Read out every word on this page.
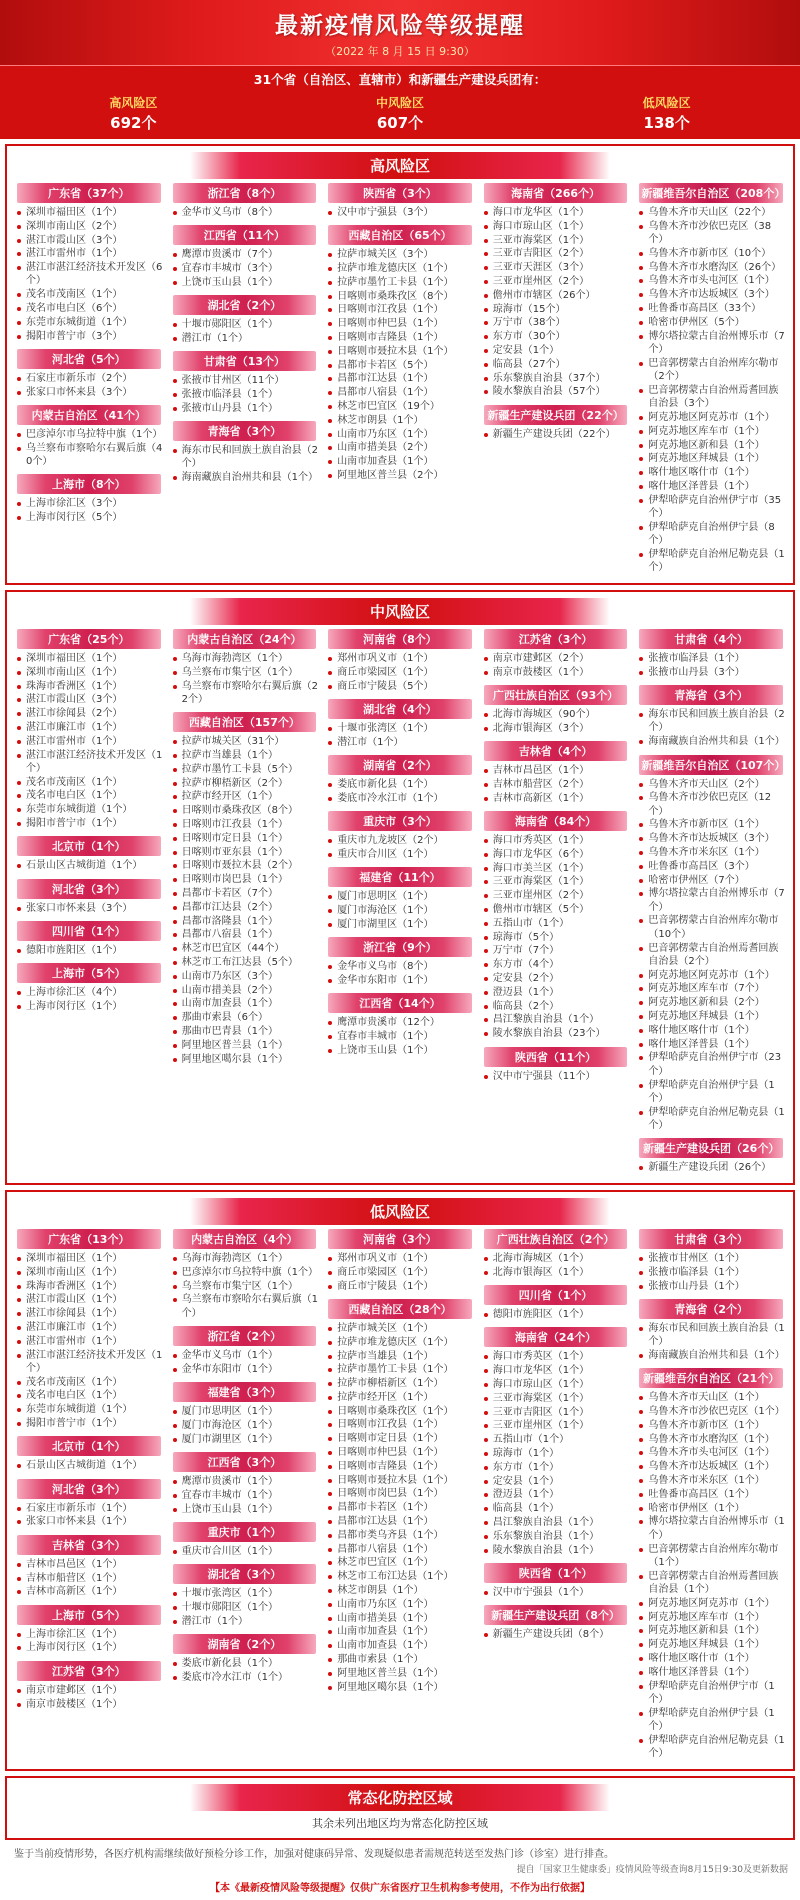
最新疫情风险等级提醒
（2022 年 8 月 15 日 9:30）
31个省（自治区、直辖市）和新疆生产建设兵团有：
高风险区
692个
中风险区
607个
低风险区
138个
高风险区
广东省（37个）
深圳市福田区（1个）
深圳市南山区（2个）
湛江市霞山区（3个）
湛江市雷州市（1个）
湛江市湛江经济技术开发区（6个）
茂名市茂南区（1个）
茂名市电白区（6个）
东莞市东城街道（1个）
揭阳市普宁市（3个）
河北省（5个）
石家庄市新乐市（2个）
张家口市怀来县（3个）
内蒙古自治区（41个）
巴彦淖尔市乌拉特中旗（1个）
乌兰察布市察哈尔右翼后旗（40个）
上海市（8个）
上海市徐汇区（3个）
上海市闵行区（5个）
浙江省（8个）
金华市义乌市（8个）
江西省（11个）
鹰潭市贵溪市（7个）
宜春市丰城市（3个）
上饶市玉山县（1个）
湖北省（2个）
十堰市郧阳区（1个）
潜江市（1个）
甘肃省（13个）
张掖市甘州区（11个）
张掖市临泽县（1个）
张掖市山丹县（1个）
青海省（3个）
海东市民和回族土族自治县（2个）
海南藏族自治州共和县（1个）
陕西省（3个）
汉中市宁强县（3个）
西藏自治区（65个）
拉萨市城关区（3个）
拉萨市堆龙德庆区（1个）
拉萨市墨竹工卡县（1个）
日喀则市桑珠孜区（8个）
日喀则市江孜县（1个）
日喀则市仲巴县（1个）
日喀则市吉隆县（1个）
日喀则市聂拉木县（1个）
昌都市卡若区（5个）
昌都市江达县（1个）
昌都市八宿县（1个）
林芝市巴宜区（19个）
林芝市朗县（1个）
山南市乃东区（1个）
山南市措美县（2个）
山南市加查县（1个）
阿里地区普兰县（2个）
海南省（266个）
海口市龙华区（1个）
海口市琼山区（1个）
三亚市海棠区（1个）
三亚市吉阳区（2个）
三亚市天涯区（3个）
三亚市崖州区（2个）
儋州市市辖区（26个）
琼海市（15个）
万宁市（38个）
东方市（30个）
定安县（1个）
临高县（27个）
乐东黎族自治县（37个）
陵水黎族自治县（57个）
新疆生产建设兵团（22个）
新疆生产建设兵团（22个）
新疆维吾尔自治区（208个）
乌鲁木齐市天山区（22个）
乌鲁木齐市沙依巴克区（38个）
乌鲁木齐市新市区（10个）
乌鲁木齐市水磨沟区（26个）
乌鲁木齐市头屯河区（1个）
乌鲁木齐市达坂城区（3个）
吐鲁番市高昌区（33个）
哈密市伊州区（5个）
博尔塔拉蒙古自治州博乐市（7个）
巴音郭楞蒙古自治州库尔勒市（2个）
巴音郭楞蒙古自治州焉耆回族自治县（3个）
阿克苏地区阿克苏市（1个）
阿克苏地区库车市（1个）
阿克苏地区新和县（1个）
阿克苏地区拜城县（1个）
喀什地区喀什市（1个）
喀什地区泽普县（1个）
伊犁哈萨克自治州伊宁市（35个）
伊犁哈萨克自治州伊宁县（8个）
伊犁哈萨克自治州尼勒克县（1个）
中风险区
广东省（25个）
深圳市福田区（1个）
深圳市南山区（1个）
珠海市香洲区（1个）
湛江市霞山区（3个）
湛江市徐闻县（2个）
湛江市廉江市（1个）
湛江市雷州市（1个）
湛江市湛江经济技术开发区（1个）
茂名市茂南区（1个）
茂名市电白区（1个）
东莞市东城街道（1个）
揭阳市普宁市（1个）
北京市（1个）
石景山区古城街道（1个）
河北省（3个）
张家口市怀来县（3个）
四川省（1个）
德阳市旌阳区（1个）
上海市（5个）
上海市徐汇区（4个）
上海市闵行区（1个）
内蒙古自治区（24个）
乌海市海勃湾区（1个）
乌兰察布市集宁区（1个）
乌兰察布市察哈尔右翼后旗（22个）
西藏自治区（157个）
拉萨市城关区（31个）
拉萨市当雄县（1个）
拉萨市墨竹工卡县（5个）
拉萨市柳梧新区（2个）
拉萨市经开区（1个）
日喀则市桑珠孜区（8个）
日喀则市江孜县（1个）
日喀则市定日县（1个）
日喀则市亚东县（1个）
日喀则市聂拉木县（2个）
日喀则市岗巴县（1个）
昌都市卡若区（7个）
昌都市江达县（2个）
昌都市洛隆县（1个）
昌都市八宿县（1个）
林芝市巴宜区（44个）
林芝市工布江达县（5个）
山南市乃东区（3个）
山南市措美县（2个）
山南市加查县（1个）
那曲市索县（6个）
那曲市巴青县（1个）
阿里地区普兰县（1个）
阿里地区噶尔县（1个）
河南省（8个）
郑州市巩义市（1个）
商丘市梁园区（1个）
商丘市宁陵县（5个）
湖北省（4个）
十堰市张湾区（1个）
潜江市（1个）
湖南省（2个）
娄底市新化县（1个）
娄底市冷水江市（1个）
重庆市（3个）
重庆市九龙坡区（2个）
重庆市合川区（1个）
福建省（11个）
厦门市思明区（1个）
厦门市海沧区（1个）
厦门市湖里区（1个）
浙江省（9个）
金华市义乌市（8个）
金华市东阳市（1个）
江西省（14个）
鹰潭市贵溪市（12个）
宜春市丰城市（1个）
上饶市玉山县（1个）
江苏省（3个）
南京市建邺区（2个）
南京市鼓楼区（1个）
广西壮族自治区（93个）
北海市海城区（90个）
北海市银海区（3个）
吉林省（4个）
吉林市昌邑区（1个）
吉林市船营区（2个）
吉林市高新区（1个）
海南省（84个）
海口市秀英区（1个）
海口市龙华区（6个）
海口市美兰区（1个）
三亚市海棠区（1个）
三亚市崖州区（2个）
儋州市市辖区（5个）
五指山市（1个）
琼海市（5个）
万宁市（7个）
东方市（4个）
定安县（2个）
澄迈县（1个）
临高县（2个）
昌江黎族自治县（1个）
陵水黎族自治县（23个）
陕西省（11个）
汉中市宁强县（11个）
甘肃省（4个）
张掖市临泽县（1个）
张掖市山丹县（3个）
青海省（3个）
海东市民和回族土族自治县（2个）
海南藏族自治州共和县（1个）
新疆维吾尔自治区（107个）
乌鲁木齐市天山区（2个）
乌鲁木齐市沙依巴克区（12个）
乌鲁木齐市新市区（1个）
乌鲁木齐市达坂城区（3个）
乌鲁木齐市米东区（1个）
吐鲁番市高昌区（3个）
哈密市伊州区（7个）
博尔塔拉蒙古自治州博乐市（7个）
巴音郭楞蒙古自治州库尔勒市（10个）
巴音郭楞蒙古自治州焉耆回族自治县（2个）
阿克苏地区阿克苏市（1个）
阿克苏地区库车市（7个）
阿克苏地区新和县（2个）
阿克苏地区拜城县（1个）
喀什地区喀什市（1个）
喀什地区泽普县（1个）
伊犁哈萨克自治州伊宁市（23个）
伊犁哈萨克自治州伊宁县（1个）
伊犁哈萨克自治州尼勒克县（1个）
新疆生产建设兵团（26个）
新疆生产建设兵团（26个）
低风险区
广东省（13个）
深圳市福田区（1个）
深圳市南山区（1个）
珠海市香洲区（1个）
湛江市霞山区（1个）
湛江市徐闻县（1个）
湛江市廉江市（1个）
湛江市雷州市（1个）
湛江市湛江经济技术开发区（1个）
茂名市茂南区（1个）
茂名市电白区（1个）
东莞市东城街道（1个）
揭阳市普宁市（1个）
北京市（1个）
石景山区古城街道（1个）
河北省（3个）
石家庄市新乐市（1个）
张家口市怀来县（1个）
吉林省（3个）
吉林市昌邑区（1个）
吉林市船营区（1个）
吉林市高新区（1个）
上海市（5个）
上海市徐汇区（1个）
上海市闵行区（1个）
江苏省（3个）
南京市建邺区（1个）
南京市鼓楼区（1个）
内蒙古自治区（4个）
乌海市海勃湾区（1个）
巴彦淖尔市乌拉特中旗（1个）
乌兰察布市集宁区（1个）
乌兰察布市察哈尔右翼后旗（1个）
浙江省（2个）
金华市义乌市（1个）
金华市东阳市（1个）
福建省（3个）
厦门市思明区（1个）
厦门市海沧区（1个）
厦门市湖里区（1个）
江西省（3个）
鹰潭市贵溪市（1个）
宜春市丰城市（1个）
上饶市玉山县（1个）
重庆市（1个）
重庆市合川区（1个）
湖北省（3个）
十堰市张湾区（1个）
十堰市郧阳区（1个）
潜江市（1个）
湖南省（2个）
娄底市新化县（1个）
娄底市冷水江市（1个）
河南省（3个）
郑州市巩义市（1个）
商丘市梁园区（1个）
商丘市宁陵县（1个）
西藏自治区（28个）
拉萨市城关区（1个）
拉萨市堆龙德庆区（1个）
拉萨市当雄县（1个）
拉萨市墨竹工卡县（1个）
拉萨市柳梧新区（1个）
拉萨市经开区（1个）
日喀则市桑珠孜区（1个）
日喀则市江孜县（1个）
日喀则市定日县（1个）
日喀则市仲巴县（1个）
日喀则市吉隆县（1个）
日喀则市聂拉木县（1个）
日喀则市岗巴县（1个）
昌都市卡若区（1个）
昌都市江达县（1个）
昌都市类乌齐县（1个）
昌都市八宿县（1个）
林芝市巴宜区（1个）
林芝市工布江达县（1个）
林芝市朗县（1个）
山南市乃东区（1个）
山南市措美县（1个）
山南市加查县（1个）
山南市加查县（1个）
那曲市索县（1个）
阿里地区普兰县（1个）
阿里地区噶尔县（1个）
广西壮族自治区（2个）
北海市海城区（1个）
北海市银海区（1个）
四川省（1个）
德阳市旌阳区（1个）
海南省（24个）
海口市秀英区（1个）
海口市龙华区（1个）
海口市琼山区（1个）
三亚市海棠区（1个）
三亚市吉阳区（1个）
三亚市崖州区（1个）
五指山市（1个）
琼海市（1个）
东方市（1个）
定安县（1个）
澄迈县（1个）
临高县（1个）
昌江黎族自治县（1个）
乐东黎族自治县（1个）
陵水黎族自治县（1个）
陕西省（1个）
汉中市宁强县（1个）
新疆生产建设兵团（8个）
新疆生产建设兵团（8个）
甘肃省（3个）
张掖市甘州区（1个）
张掖市临泽县（1个）
张掖市山丹县（1个）
青海省（2个）
海东市民和回族土族自治县（1个）
海南藏族自治州共和县（1个）
新疆维吾尔自治区（21个）
乌鲁木齐市天山区（1个）
乌鲁木齐市沙依巴克区（1个）
乌鲁木齐市新市区（1个）
乌鲁木齐市水磨沟区（1个）
乌鲁木齐市头屯河区（1个）
乌鲁木齐市达坂城区（1个）
乌鲁木齐市米东区（1个）
吐鲁番市高昌区（1个）
哈密市伊州区（1个）
博尔塔拉蒙古自治州博乐市（1个）
巴音郭楞蒙古自治州库尔勒市（1个）
巴音郭楞蒙古自治州焉耆回族自治县（1个）
阿克苏地区阿克苏市（1个）
阿克苏地区库车市（1个）
阿克苏地区新和县（1个）
阿克苏地区拜城县（1个）
喀什地区喀什市（1个）
喀什地区泽普县（1个）
伊犁哈萨克自治州伊宁市（1个）
伊犁哈萨克自治州伊宁县（1个）
伊犁哈萨克自治州尼勒克县（1个）
常态化防控区域
其余未列出地区均为常态化防控区域
鉴于当前疫情形势，各医疗机构需继续做好预检分诊工作，加强对健康码异常、发现疑似患者需规范转送至发热门诊（诊室）进行排查。
提自「国家卫生健康委」疫情风险等级查询8月15日9:30及更新数据
【本《最新疫情风险等级提醒》仅供广东省医疗卫生机构参考使用，不作为出行依据】
